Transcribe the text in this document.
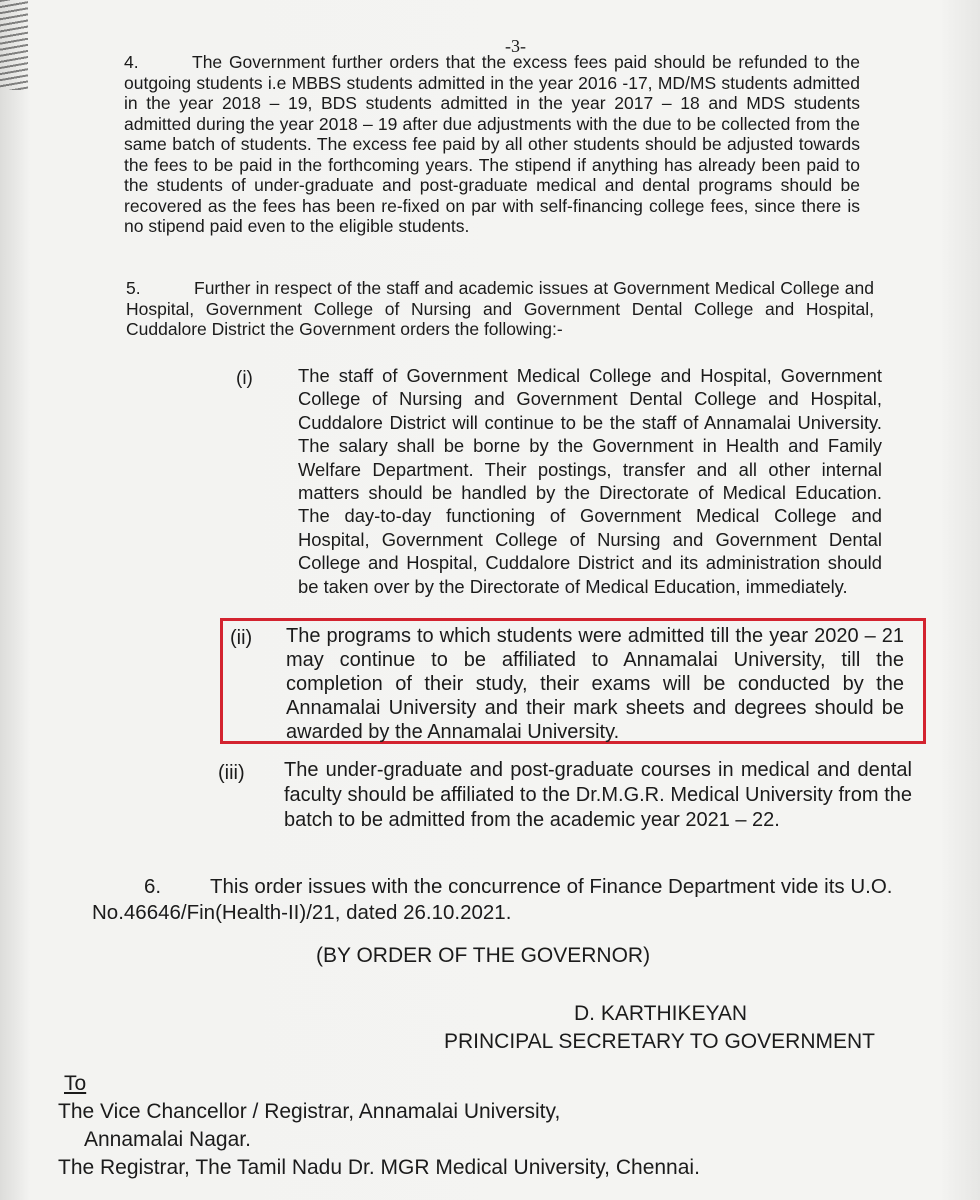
-3-
4.	The Government further orders that the excess fees paid should be refunded to the outgoing students i.e MBBS students admitted in the year 2016 -17, MD/MS students admitted in the year 2018 – 19, BDS students admitted in the year 2017 – 18 and MDS students admitted during the year 2018 – 19 after due adjustments with the due to be collected from the same batch of students. The excess fee paid by all other students should be adjusted towards the fees to be paid in the forthcoming years. The stipend if anything has already been paid to the students of under-graduate and post-graduate medical and dental programs should be recovered as the fees has been re-fixed on par with self-financing college fees, since there is no stipend paid even to the eligible students.
5.	Further in respect of the staff and academic issues at Government Medical College and Hospital, Government College of Nursing and Government Dental College and Hospital, Cuddalore District the Government orders the following:-
(i) The staff of Government Medical College and Hospital, Government College of Nursing and Government Dental College and Hospital, Cuddalore District will continue to be the staff of Annamalai University. The salary shall be borne by the Government in Health and Family Welfare Department. Their postings, transfer and all other internal matters should be handled by the Directorate of Medical Education. The day-to-day functioning of Government Medical College and Hospital, Government College of Nursing and Government Dental College and Hospital, Cuddalore District and its administration should be taken over by the Directorate of Medical Education, immediately.
(ii) The programs to which students were admitted till the year 2020 – 21 may continue to be affiliated to Annamalai University, till the completion of their study, their exams will be conducted by the Annamalai University and their mark sheets and degrees should be awarded by the Annamalai University.
(iii) The under-graduate and post-graduate courses in medical and dental faculty should be affiliated to the Dr.M.G.R. Medical University from the batch to be admitted from the academic year 2021 – 22.
6. This order issues with the concurrence of Finance Department vide its U.O. No.46646/Fin(Health-II)/21, dated 26.10.2021.
(BY ORDER OF THE GOVERNOR)
D. KARTHIKEYAN
PRINCIPAL SECRETARY TO GOVERNMENT
To
The Vice Chancellor / Registrar, Annamalai University,
Annamalai Nagar.
The Registrar, The Tamil Nadu Dr. MGR Medical University, Chennai.
